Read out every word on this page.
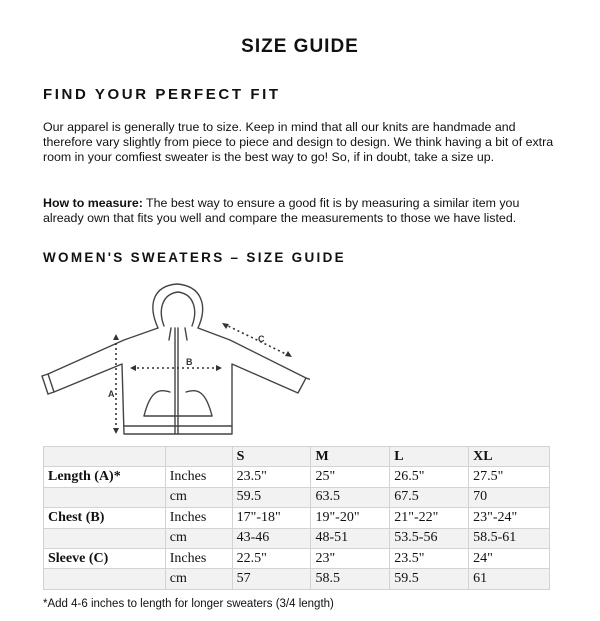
SIZE GUIDE
FIND YOUR PERFECT FIT

Our apparel is generally true to size. Keep in mind that all our knits are handmade and therefore vary slightly from piece to piece and design to design. We think having a bit of extra room in your comfiest sweater is the best way to go! So, if in doubt, take a size up.

How to measure: The best way to ensure a good fit is by measuring a similar item you already own that fits you well and compare the measurements to those we have listed.

WOMEN'S SWEATERS – SIZE GUIDE
A
B
C
		S	M	L	XL
Length (A)*	Inches	23.5"	25"	26.5"	27.5"
	cm	59.5	63.5	67.5	70
Chest (B)	Inches	17"-18"	19"-20"	21"-22"	23"-24"
	cm	43-46	48-51	53.5-56	58.5-61
Sleeve (C)	Inches	22.5"	23"	23.5"	24"
	cm	57	58.5	59.5	61
*Add 4-6 inches to length for longer sweaters (3/4 length)
